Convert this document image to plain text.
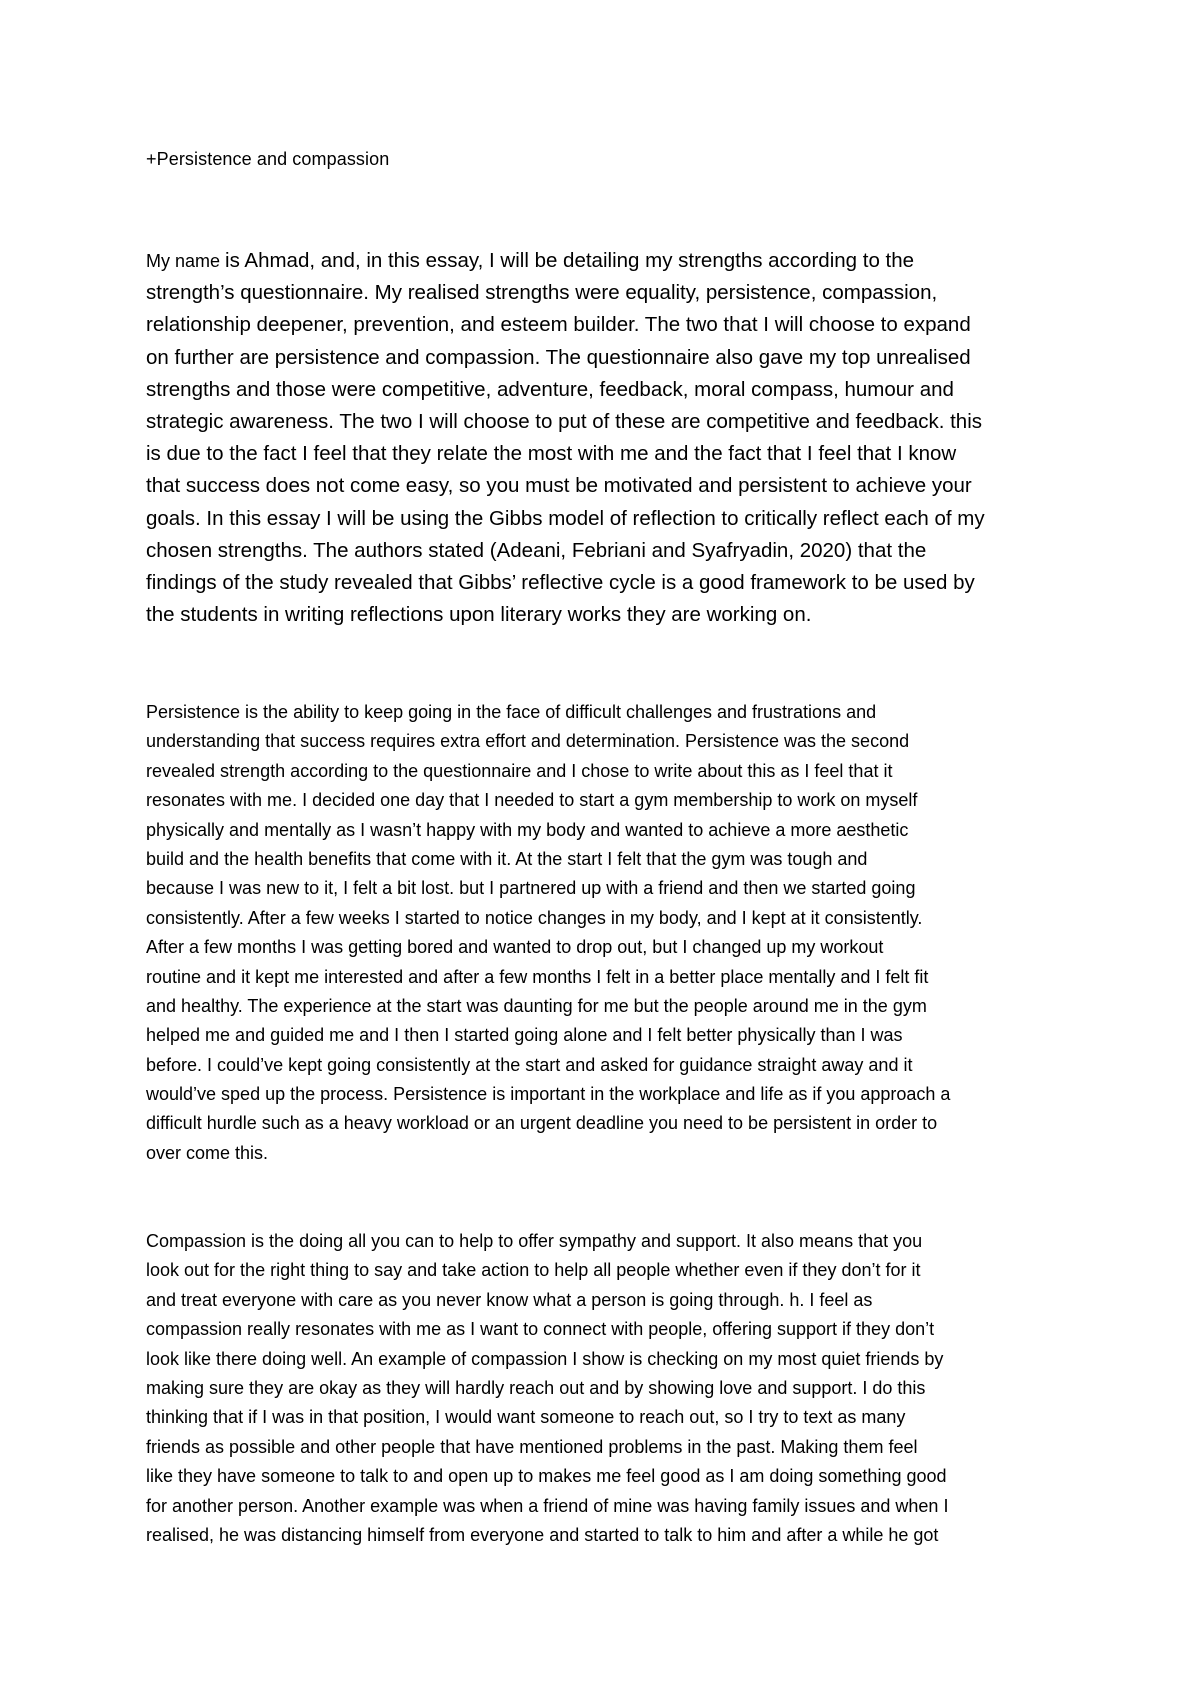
+Persistence and compassion
My name is Ahmad, and, in this essay, I will be detailing my strengths according to the
strength’s questionnaire. My realised strengths were equality, persistence, compassion,
relationship deepener, prevention, and esteem builder. The two that I will choose to expand
on further are persistence and compassion. The questionnaire also gave my top unrealised
strengths and those were competitive, adventure, feedback, moral compass, humour and
strategic awareness. The two I will choose to put of these are competitive and feedback. this
is due to the fact I feel that they relate the most with me and the fact that I feel that I know
that success does not come easy, so you must be motivated and persistent to achieve your
goals. In this essay I will be using the Gibbs model of reflection to critically reflect each of my
chosen strengths. The authors stated (Adeani, Febriani and Syafryadin, 2020) that the
findings of the study revealed that Gibbs’ reflective cycle is a good framework to be used by
the students in writing reflections upon literary works they are working on.
Persistence is the ability to keep going in the face of difficult challenges and frustrations and
understanding that success requires extra effort and determination. Persistence was the second
revealed strength according to the questionnaire and I chose to write about this as I feel that it
resonates with me. I decided one day that I needed to start a gym membership to work on myself
physically and mentally as I wasn’t happy with my body and wanted to achieve a more aesthetic
build and the health benefits that come with it. At the start I felt that the gym was tough and
because I was new to it, I felt a bit lost. but I partnered up with a friend and then we started going
consistently. After a few weeks I started to notice changes in my body, and I kept at it consistently.
After a few months I was getting bored and wanted to drop out, but I changed up my workout
routine and it kept me interested and after a few months I felt in a better place mentally and I felt fit
and healthy. The experience at the start was daunting for me but the people around me in the gym
helped me and guided me and I then I started going alone and I felt better physically than I was
before. I could’ve kept going consistently at the start and asked for guidance straight away and it
would’ve sped up the process. Persistence is important in the workplace and life as if you approach a
difficult hurdle such as a heavy workload or an urgent deadline you need to be persistent in order to
over come this.
Compassion is the doing all you can to help to offer sympathy and support. It also means that you
look out for the right thing to say and take action to help all people whether even if they don’t for it
and treat everyone with care as you never know what a person is going through. h. I feel as
compassion really resonates with me as I want to connect with people, offering support if they don’t
look like there doing well. An example of compassion I show is checking on my most quiet friends by
making sure they are okay as they will hardly reach out and by showing love and support. I do this
thinking that if I was in that position, I would want someone to reach out, so I try to text as many
friends as possible and other people that have mentioned problems in the past. Making them feel
like they have someone to talk to and open up to makes me feel good as I am doing something good
for another person. Another example was when a friend of mine was having family issues and when I
realised, he was distancing himself from everyone and started to talk to him and after a while he got
